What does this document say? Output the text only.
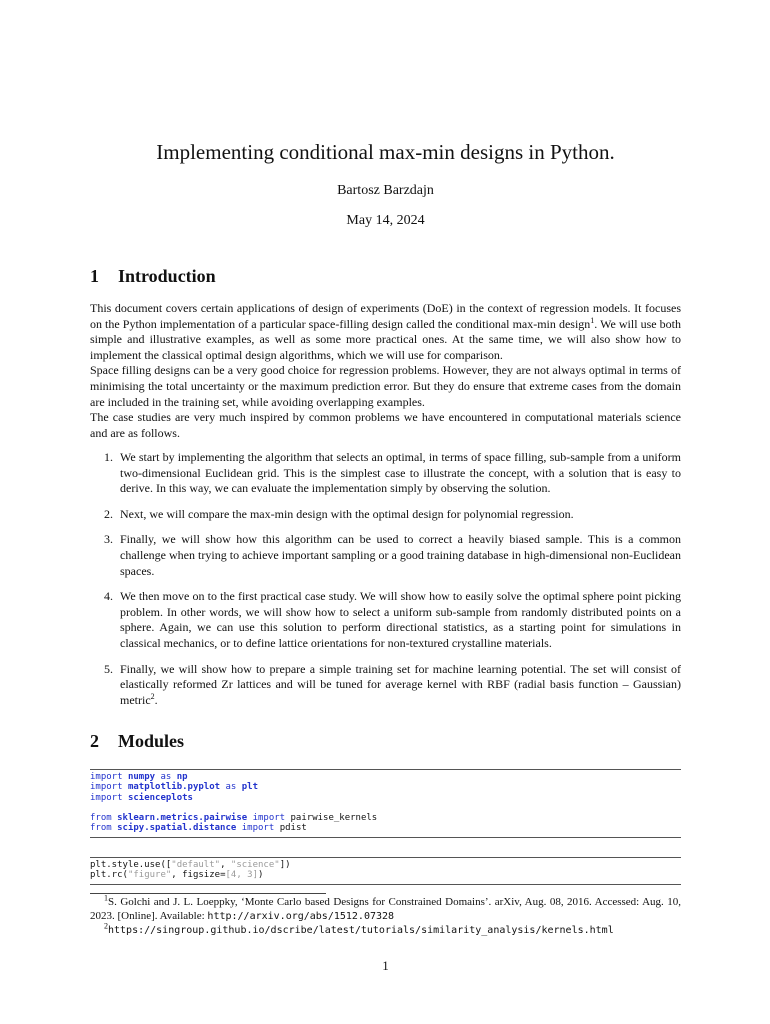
Implementing conditional max-min designs in Python.
Bartosz Barzdajn
May 14, 2024
1 Introduction

This document covers certain applications of design of experiments (DoE) in the context of regression models. It focuses on the Python implementation of a particular space-filling design called the conditional max-min design$^1$. We will use both simple and illustrative examples, as well as some more practical ones. At the same time, we will also show how to implement the classical optimal design algorithms, which we will use for comparison.

Space filling designs can be a very good choice for regression problems. However, they are not always optimal in terms of minimising the total uncertainty or the maximum prediction error. But they do ensure that extreme cases from the domain are included in the training set, while avoiding overlapping examples.

The case studies are very much inspired by common problems we have encountered in computational materials science and are as follows.

1. We start by implementing the algorithm that selects an optimal, in terms of space filling, sub-sample from a uniform two-dimensional Euclidean grid. This is the simplest case to illustrate the concept, with a solution that is easy to derive. In this way, we can evaluate the implementation simply by observing the solution.
2. Next, we will compare the max-min design with the optimal design for polynomial regression.
3. Finally, we will show how this algorithm can be used to correct a heavily biased sample. This is a common challenge when trying to achieve important sampling or a good training database in high-dimensional non-Euclidean spaces.
4. We then move on to the first practical case study. We will show how to easily solve the optimal sphere point picking problem. In other words, we will show how to select a uniform sub-sample from randomly distributed points on a sphere. Again, we can use this solution to perform directional statistics, as a starting point for simulations in classical mechanics, or to define lattice orientations for non-textured crystalline materials.
5. Finally, we will show how to prepare a simple training set for machine learning potential. The set will consist of elastically reformed Zr lattices and will be tuned for average kernel with RBF (radial basis function – Gaussian) metric$^2$.
2 Modules
import numpy as np
import matplotlib.pyplot as plt
import scienceplots

from sklearn.metrics.pairwise import pairwise_kernels
from scipy.spatial.distance import pdist
plt.style.use(["default", "science"])
plt.rc("figure", figsize=[4, 3])

$^1$S. Golchi and J. L. Loeppky, ‘Monte Carlo based Designs for Constrained Domains’. arXiv, Aug. 08, 2016. Accessed: Aug. 10, 2023. [Online]. Available: http://arxiv.org/abs/1512.07328

$^2$https://singroup.github.io/dscribe/latest/tutorials/similarity_analysis/kernels.html

1
